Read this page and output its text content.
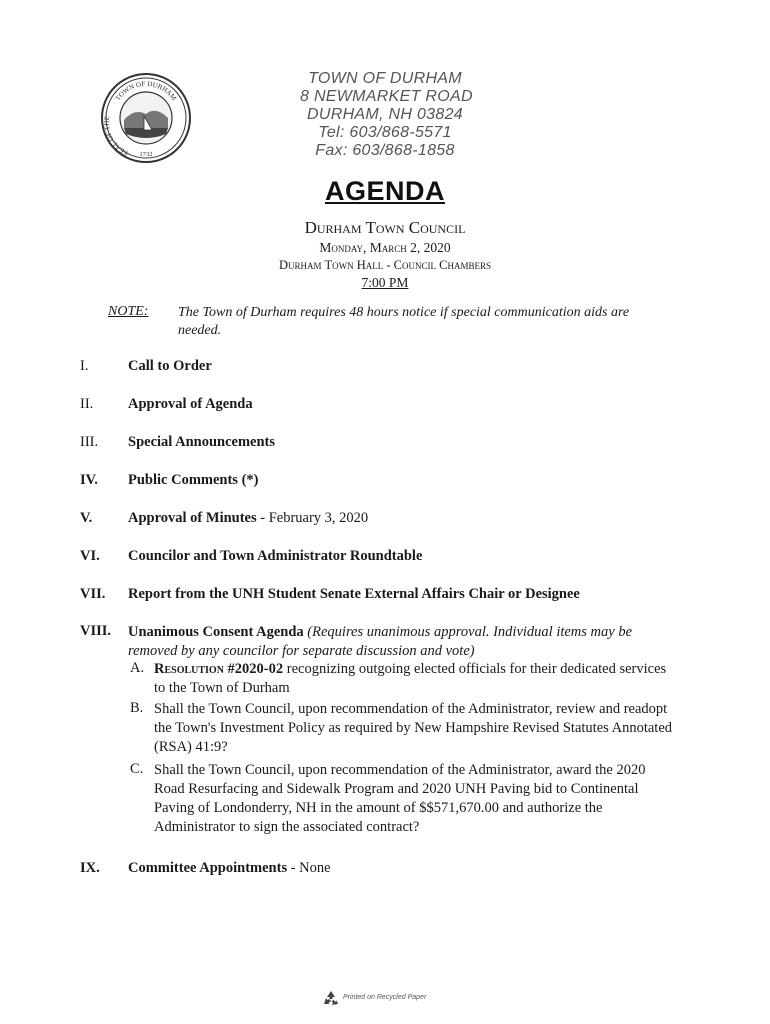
TOWN OF DURHAM
SEAL OF THE
1732
TOWN OF DURHAM
8 NEWMARKET ROAD
DURHAM, NH 03824
Tel: 603/868-5571
Fax: 603/868-1858
AGENDA
Durham Town Council
Monday, March 2, 2020
Durham Town Hall - Council Chambers
7:00 PM
NOTE: The Town of Durham requires 48 hours notice if special communication aids are needed.
I.	Call to Order
II. Approval of Agenda
III. Special Announcements
IV. Public Comments (*)
V. Approval of Minutes - February 3, 2020
VI. Councilor and Town Administrator Roundtable
VII. Report from the UNH Student Senate External Affairs Chair or Designee
VIII. Unanimous Consent Agenda (Requires unanimous approval. Individual items may be removed by any councilor for separate discussion and vote)
A. Resolution #2020-02 recognizing outgoing elected officials for their dedicated services to the Town of Durham
B. Shall the Town Council, upon recommendation of the Administrator, review and readopt the Town's Investment Policy as required by New Hampshire Revised Statutes Annotated (RSA) 41:9?
C. Shall the Town Council, upon recommendation of the Administrator, award the 2020 Road Resurfacing and Sidewalk Program and 2020 UNH Paving bid to Continental Paving of Londonderry, NH in the amount of $$571,670.00 and authorize the Administrator to sign the associated contract?
IX. Committee Appointments - None
Printed on Recycled Paper
